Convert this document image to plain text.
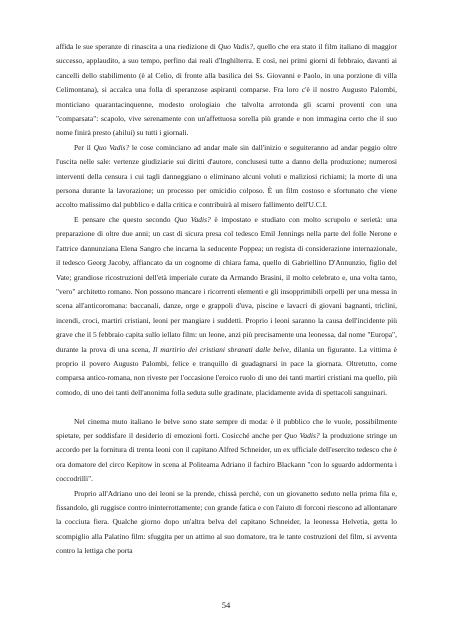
affida le sue speranze di rinascita a una riedizione di Quo Vadis?, quello che era stato il film italiano di maggior successo, applaudito, a suo tempo, perfino dai reali d'Inghilterra. E così, nei primi giorni di febbraio, davanti ai cancelli dello stabilimento (è al Celio, di fronte alla basilica dei Ss. Giovanni e Paolo, in una porzione di villa Celimontana), si accalca una folla di speranzose aspiranti comparse. Fra loro c'è il nostro Augusto Palombi, monticiano quarantacinquenne, modesto orologiaio che talvolta arrotonda gli scarni proventi con una "comparsata": scapolo, vive serenamente con un'affettuosa sorella più grande e non immagina certo che il suo nome finirà presto (ahilui) su tutti i giornali.

Per il Quo Vadis? le cose cominciano ad andar male sin dall'inizio e seguiteranno ad andar peggio oltre l'uscita nelle sale: vertenze giudiziarie sui diritti d'autore, conclusesi tutte a danno della produzione; numerosi interventi della censura i cui tagli danneggiano o eliminano alcuni voluti e maliziosi richiami; la morte di una persona durante la lavorazione; un processo per omicidio colposo. È un film costoso e sfortunato che viene accolto malissimo dal pubblico e dalla critica e contribuirà al misero fallimento dell'U.C.I.

E pensare che questo secondo Quo Vadis? è impostato e studiato con molto scrupolo e serietà: una preparazione di oltre due anni; un cast di sicura presa col tedesco Emil Jennings nella parte del folle Nerone e l'attrice dannunziana Elena Sangro che incarna la seducente Poppea; un regista di considerazione internazionale, il tedesco Georg Jacoby, affiancato da un cognome di chiara fama, quello di Gabriellino D'Annunzio, figlio del Vate; grandiose ricostruzioni dell'età imperiale curate da Armando Brasini, il molto celebrato e, una volta tanto, "vero" architetto romano. Non possono mancare i ricorrenti elementi e gli insopprimibili orpelli per una messa in scena all'anticoromana: baccanali, danze, orge e grappoli d'uva, piscine e lavacri di giovani bagnanti, triclini, incendi, croci, martiri cristiani, leoni per mangiare i suddetti. Proprio i leoni saranno la causa dell'incidente più grave che il 5 febbraio capita sullo iellato film: un leone, anzi più precisamente una leonessa, dal nome "Europa", durante la prova di una scena, Il martirio dei cristiani sbranati dalle belve, dilania un figurante. La vittima è proprio il povero Augusto Palombi, felice e tranquillo di guadagnarsi in pace la giornata. Oltretutto, come comparsa antico-romana, non riveste per l'occasione l'eroico ruolo di uno dei tanti martiri cristiani ma quello, più comodo, di uno dei tanti dell'anonima folla seduta sulle gradinate, placidamente avida di spettacoli sanguinari.

Nel cinema muto italiano le belve sono state sempre di moda: è il pubblico che le vuole, possibilmente spietate, per soddisfare il desiderio di emozioni forti. Cosicché anche per Quo Vadis? la produzione stringe un accordo per la fornitura di trenta leoni con il capitano Alfred Schneider, un ex ufficiale dell'esercito tedesco che è ora domatore del circo Kepitow in scena al Politeama Adriano il fachiro Blackann "con lo sguardo addormenta i coccodrilli".

Proprio all'Adriano uno dei leoni se la prende, chissà perché, con un giovanetto seduto nella prima fila e, fissandolo, gli ruggisce contro ininterrottamente; con grande fatica e con l'aiuto di forconi riescono ad allontanare la cocciuta fiera. Qualche giorno dopo un'altra belva del capitano Schneider, la leonessa Helvetia, getta lo scompiglio alla Palatino film: sfuggita per un attimo al suo domatore, tra le tante costruzioni del film, si avventa contro la lettiga che porta

54
